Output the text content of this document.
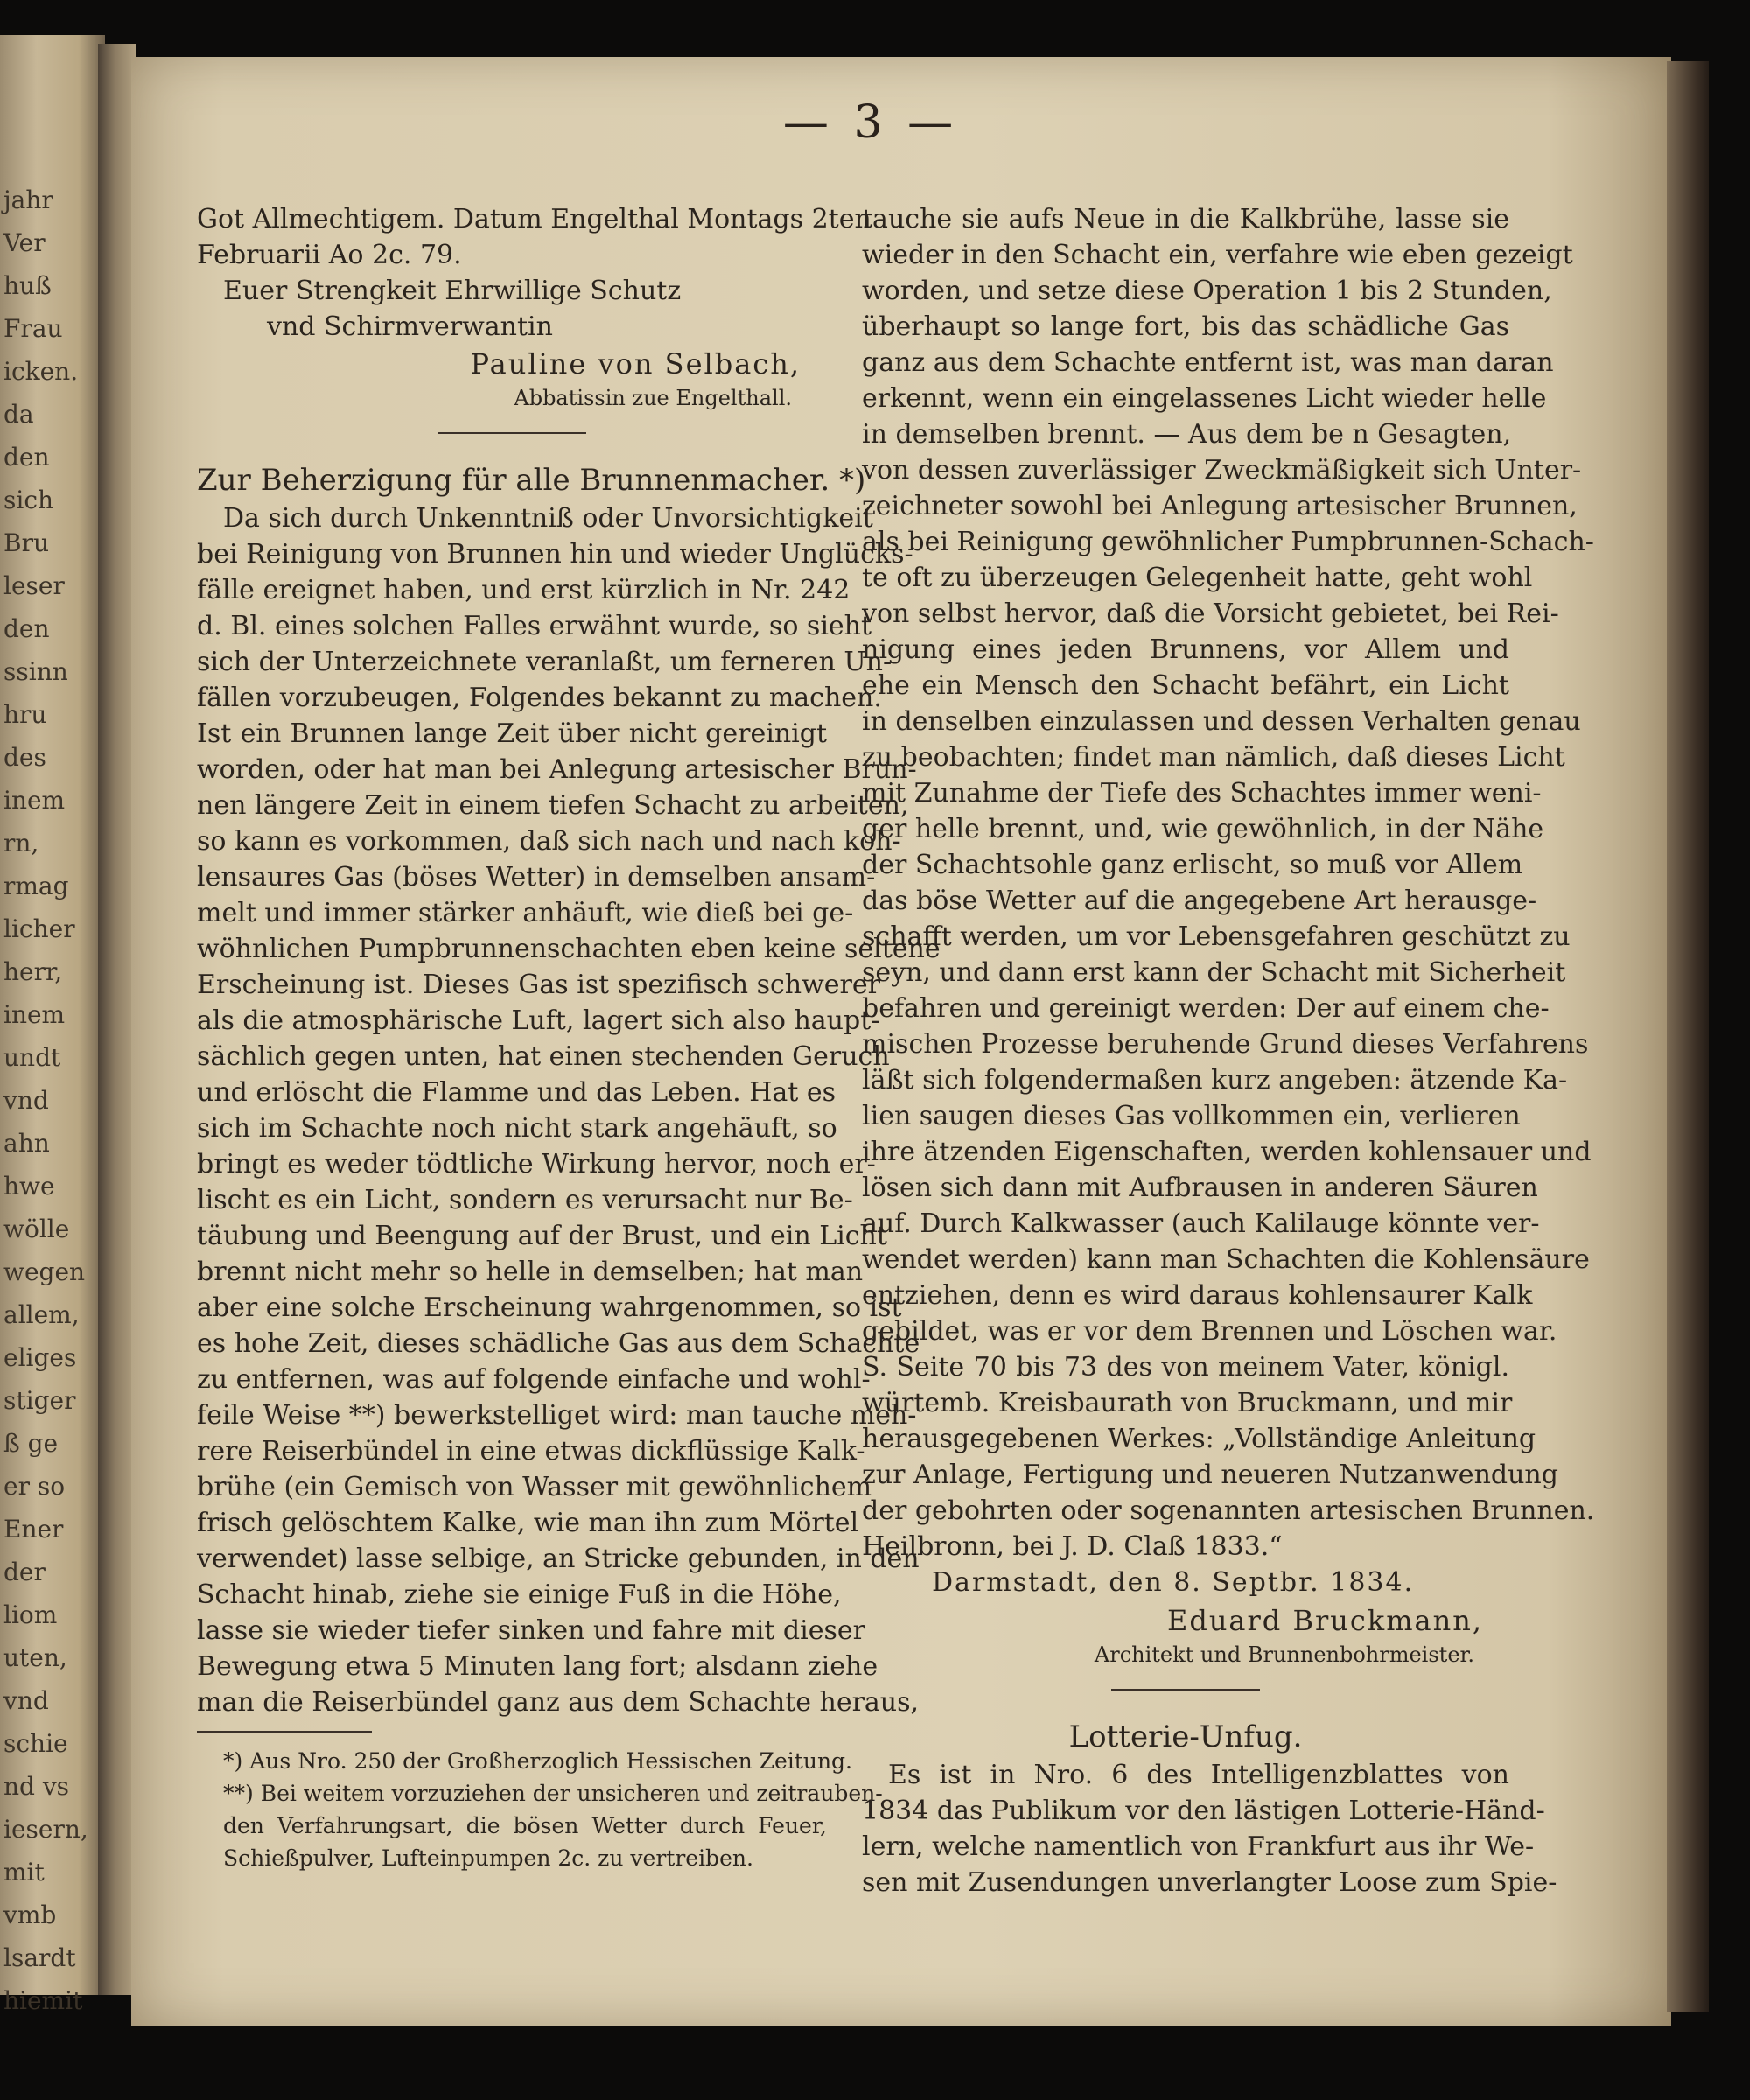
jahr
Ver
huß
Frau
icken.
da
den
sich
Bru
leser
den
ssinn
hru
des
inem
rn,
rmag
licher
herr,
inem
undt
vnd
ahn
hwe
wölle
wegen
allem,
eliges
stiger
ß ge
er so
Ener
der
liom
uten,
vnd
schie
nd vs
iesern,
mit
vmb
lsardt
hiemit
— 3 —
Got Allmechtigem. Datum Engelthal Montags 2ten
Februarii Ao 2c. 79.
Euer Strengkeit Ehrwillige Schutz
vnd Schirmverwantin
Pauline von Selbach,
Abbatissin zue Engelthall.
Zur Beherzigung für alle Brunnenmacher. *)
Da sich durch Unkenntniß oder Unvorsichtigkeit
bei Reinigung von Brunnen hin und wieder Unglücks-
fälle ereignet haben, und erst kürzlich in Nr. 242
d. Bl. eines solchen Falles erwähnt wurde, so sieht
sich der Unterzeichnete veranlaßt, um ferneren Un-
fällen vorzubeugen, Folgendes bekannt zu machen.
Ist ein Brunnen lange Zeit über nicht gereinigt
worden, oder hat man bei Anlegung artesischer Brun-
nen längere Zeit in einem tiefen Schacht zu arbeiten,
so kann es vorkommen, daß sich nach und nach koh-
lensaures Gas (böses Wetter) in demselben ansam-
melt und immer stärker anhäuft, wie dieß bei ge-
wöhnlichen Pumpbrunnenschachten eben keine seltene
Erscheinung ist. Dieses Gas ist spezifisch schwerer
als die atmosphärische Luft, lagert sich also haupt-
sächlich gegen unten, hat einen stechenden Geruch
und erlöscht die Flamme und das Leben. Hat es
sich im Schachte noch nicht stark angehäuft, so
bringt es weder tödtliche Wirkung hervor, noch er-
lischt es ein Licht, sondern es verursacht nur Be-
täubung und Beengung auf der Brust, und ein Licht
brennt nicht mehr so helle in demselben; hat man
aber eine solche Erscheinung wahrgenommen, so ist
es hohe Zeit, dieses schädliche Gas aus dem Schachte
zu entfernen, was auf folgende einfache und wohl-
feile Weise **) bewerkstelliget wird: man tauche meh-
rere Reiserbündel in eine etwas dickflüssige Kalk-
brühe (ein Gemisch von Wasser mit gewöhnlichem
frisch gelöschtem Kalke, wie man ihn zum Mörtel
verwendet) lasse selbige, an Stricke gebunden, in den
Schacht hinab, ziehe sie einige Fuß in die Höhe,
lasse sie wieder tiefer sinken und fahre mit dieser
Bewegung etwa 5 Minuten lang fort; alsdann ziehe
man die Reiserbündel ganz aus dem Schachte heraus,
*) Aus Nro. 250 der Großherzoglich Hessischen Zeitung.
**) Bei weitem vorzuziehen der unsicheren und zeitrauben-
den Verfahrungsart, die bösen Wetter durch Feuer,
Schießpulver, Lufteinpumpen 2c. zu vertreiben.
tauche sie aufs Neue in die Kalkbrühe, lasse sie
wieder in den Schacht ein, verfahre wie eben gezeigt
worden, und setze diese Operation 1 bis 2 Stunden,
überhaupt so lange fort, bis das schädliche Gas
ganz aus dem Schachte entfernt ist, was man daran
erkennt, wenn ein eingelassenes Licht wieder helle
in demselben brennt. — Aus dem be n Gesagten,
von dessen zuverlässiger Zweckmäßigkeit sich Unter-
zeichneter sowohl bei Anlegung artesischer Brunnen,
als bei Reinigung gewöhnlicher Pumpbrunnen-Schach-
te oft zu überzeugen Gelegenheit hatte, geht wohl
von selbst hervor, daß die Vorsicht gebietet, bei Rei-
nigung eines jeden Brunnens, vor Allem und
ehe ein Mensch den Schacht befährt, ein Licht
in denselben einzulassen und dessen Verhalten genau
zu beobachten; findet man nämlich, daß dieses Licht
mit Zunahme der Tiefe des Schachtes immer weni-
ger helle brennt, und, wie gewöhnlich, in der Nähe
der Schachtsohle ganz erlischt, so muß vor Allem
das böse Wetter auf die angegebene Art herausge-
schafft werden, um vor Lebensgefahren geschützt zu
seyn, und dann erst kann der Schacht mit Sicherheit
befahren und gereinigt werden: Der auf einem che-
mischen Prozesse beruhende Grund dieses Verfahrens
läßt sich folgendermaßen kurz angeben: ätzende Ka-
lien saugen dieses Gas vollkommen ein, verlieren
ihre ätzenden Eigenschaften, werden kohlensauer und
lösen sich dann mit Aufbrausen in anderen Säuren
auf. Durch Kalkwasser (auch Kalilauge könnte ver-
wendet werden) kann man Schachten die Kohlensäure
entziehen, denn es wird daraus kohlensaurer Kalk
gebildet, was er vor dem Brennen und Löschen war.
S. Seite 70 bis 73 des von meinem Vater, königl.
würtemb. Kreisbaurath von Bruckmann, und mir
herausgegebenen Werkes: „Vollständige Anleitung
zur Anlage, Fertigung und neueren Nutzanwendung
der gebohrten oder sogenannten artesischen Brunnen.
Heilbronn, bei J. D. Claß 1833.“
Darmstadt, den 8. Septbr. 1834.
Eduard Bruckmann,
Architekt und Brunnenbohrmeister.
Lotterie-Unfug.
Es ist in Nro. 6 des Intelligenzblattes von
1834 das Publikum vor den lästigen Lotterie-Händ-
lern, welche namentlich von Frankfurt aus ihr We-
sen mit Zusendungen unverlangter Loose zum Spie-
